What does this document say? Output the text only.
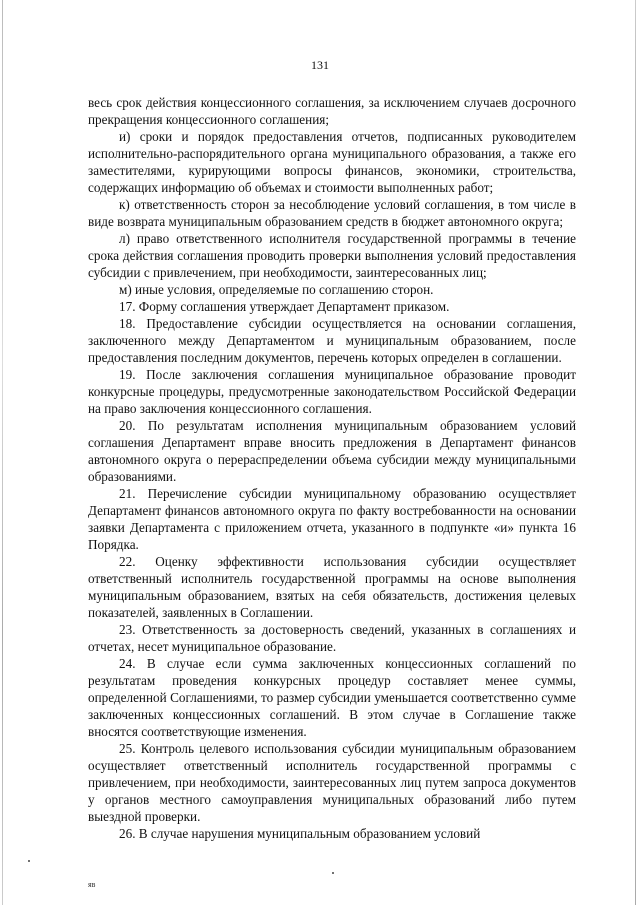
131

весь срок действия концессионного соглашения, за исключением случаев досрочного прекращения концессионного соглашения;

и) сроки и порядок предоставления отчетов, подписанных руководителем исполнительно-распорядительного органа муниципального образования, а также его заместителями, курирующими вопросы финансов, экономики, строительства, содержащих информацию об объемах и стоимости выполненных работ;

к) ответственность сторон за несоблюдение условий соглашения, в том числе в виде возврата муниципальным образованием средств в бюджет автономного округа;

л) право ответственного исполнителя государственной программы в течение срока действия соглашения проводить проверки выполнения условий предоставления субсидии с привлечением, при необходимости, заинтересованных лиц;

м) иные условия, определяемые по соглашению сторон.

17. Форму соглашения утверждает Департамент приказом.

18. Предоставление субсидии осуществляется на основании соглашения, заключенного между Департаментом и муниципальным образованием, после предоставления последним документов, перечень которых определен в соглашении.

19. После заключения соглашения муниципальное образование проводит конкурсные процедуры, предусмотренные законодательством Российской Федерации на право заключения концессионного соглашения.

20. По результатам исполнения муниципальным образованием условий соглашения Департамент вправе вносить предложения в Департамент финансов автономного округа о перераспределении объема субсидии между муниципальными образованиями.

21. Перечисление субсидии муниципальному образованию осуществляет Департамент финансов автономного округа по факту востребованности на основании заявки Департамента с приложением отчета, указанного в подпункте «и» пункта 16 Порядка.

22. Оценку эффективности использования субсидии осуществляет ответственный исполнитель государственной программы на основе выполнения муниципальным образованием, взятых на себя обязательств, достижения целевых показателей, заявленных в Соглашении.

23. Ответственность за достоверность сведений, указанных в соглашениях и отчетах, несет муниципальное образование.

24. В случае если сумма заключенных концессионных соглашений по результатам проведения конкурсных процедур составляет менее суммы, определенной Соглашениями, то размер субсидии уменьшается соответственно сумме заключенных концессионных соглашений. В этом случае в Соглашение также вносятся соответствующие изменения.

25. Контроль целевого использования субсидии муниципальным образованием осуществляет ответственный исполнитель государственной программы с привлечением, при необходимости, заинтересованных лиц путем запроса документов у органов местного самоуправления муниципальных образований либо путем выездной проверки.

26. В случае нарушения муниципальным образованием условий

яв
